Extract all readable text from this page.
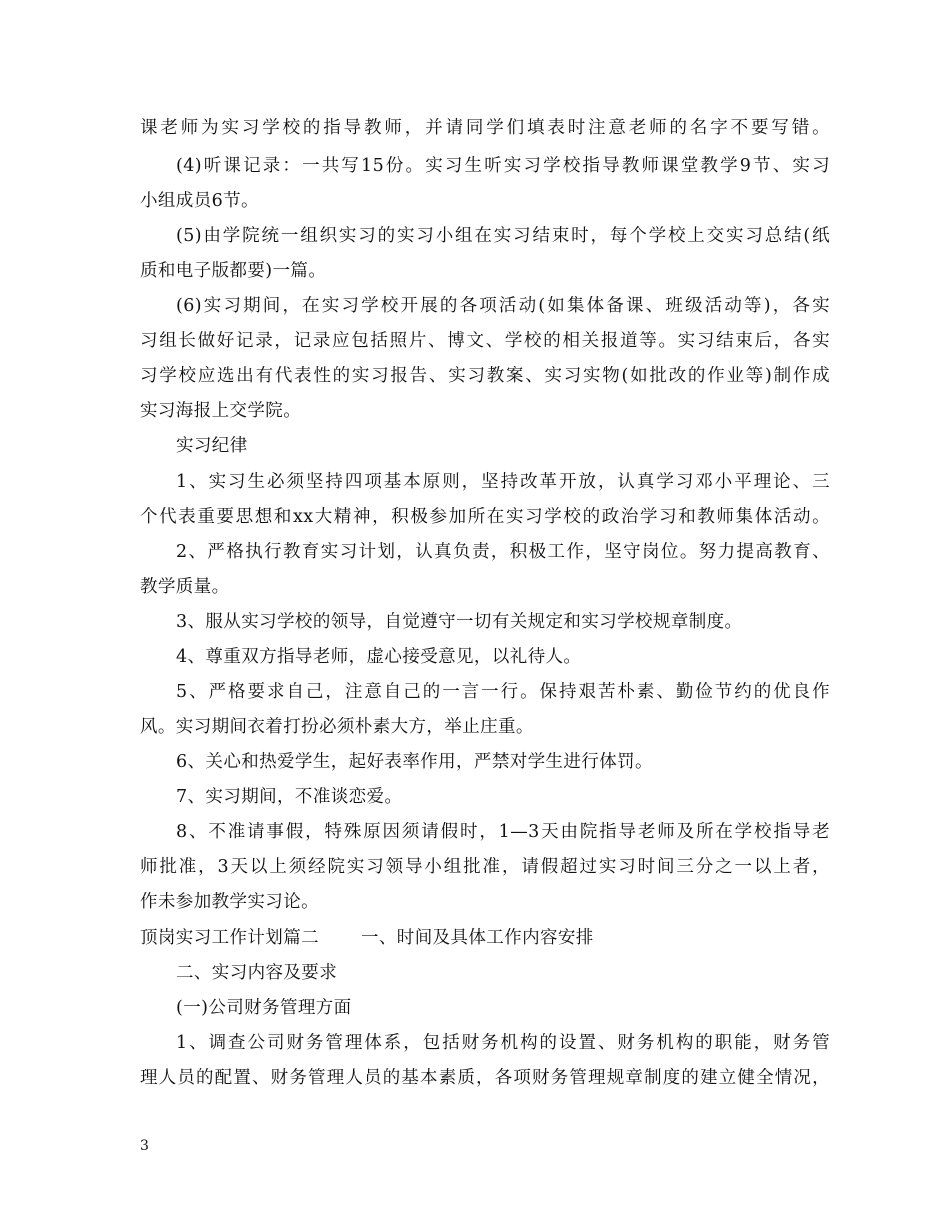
课老师为实习学校的指导教师，并请同学们填表时注意老师的名字不要写错。
(4)听课记录：一共写15份。实习生听实习学校指导教师课堂教学9节、实习
小组成员6节。
(5)由学院统一组织实习的实习小组在实习结束时，每个学校上交实习总结(纸
质和电子版都要)一篇。
(6)实习期间，在实习学校开展的各项活动(如集体备课、班级活动等)，各实
习组长做好记录，记录应包括照片、博文、学校的相关报道等。实习结束后，各实
习学校应选出有代表性的实习报告、实习教案、实习实物(如批改的作业等)制作成
实习海报上交学院。
实习纪律
1、实习生必须坚持四项基本原则，坚持改革开放，认真学习邓小平理论、三
个代表重要思想和xx大精神，积极参加所在实习学校的政治学习和教师集体活动。
2、严格执行教育实习计划，认真负责，积极工作，坚守岗位。努力提高教育、
教学质量。
3、服从实习学校的领导，自觉遵守一切有关规定和实习学校规章制度。
4、尊重双方指导老师，虚心接受意见，以礼待人。
5、严格要求自己，注意自己的一言一行。保持艰苦朴素、勤俭节约的优良作
风。实习期间衣着打扮必须朴素大方，举止庄重。
6、关心和热爱学生，起好表率作用，严禁对学生进行体罚。
7、实习期间，不准谈恋爱。
8、不准请事假，特殊原因须请假时，1—3天由院指导老师及所在学校指导老
师批准，3天以上须经院实习领导小组批准，请假超过实习时间三分之一以上者，
作未参加教学实习论。
顶岗实习工作计划篇二 一、时间及具体工作内容安排
二、实习内容及要求
(一)公司财务管理方面
1、调查公司财务管理体系，包括财务机构的设置、财务机构的职能，财务管
理人员的配置、财务管理人员的基本素质，各项财务管理规章制度的建立健全情况，
3
